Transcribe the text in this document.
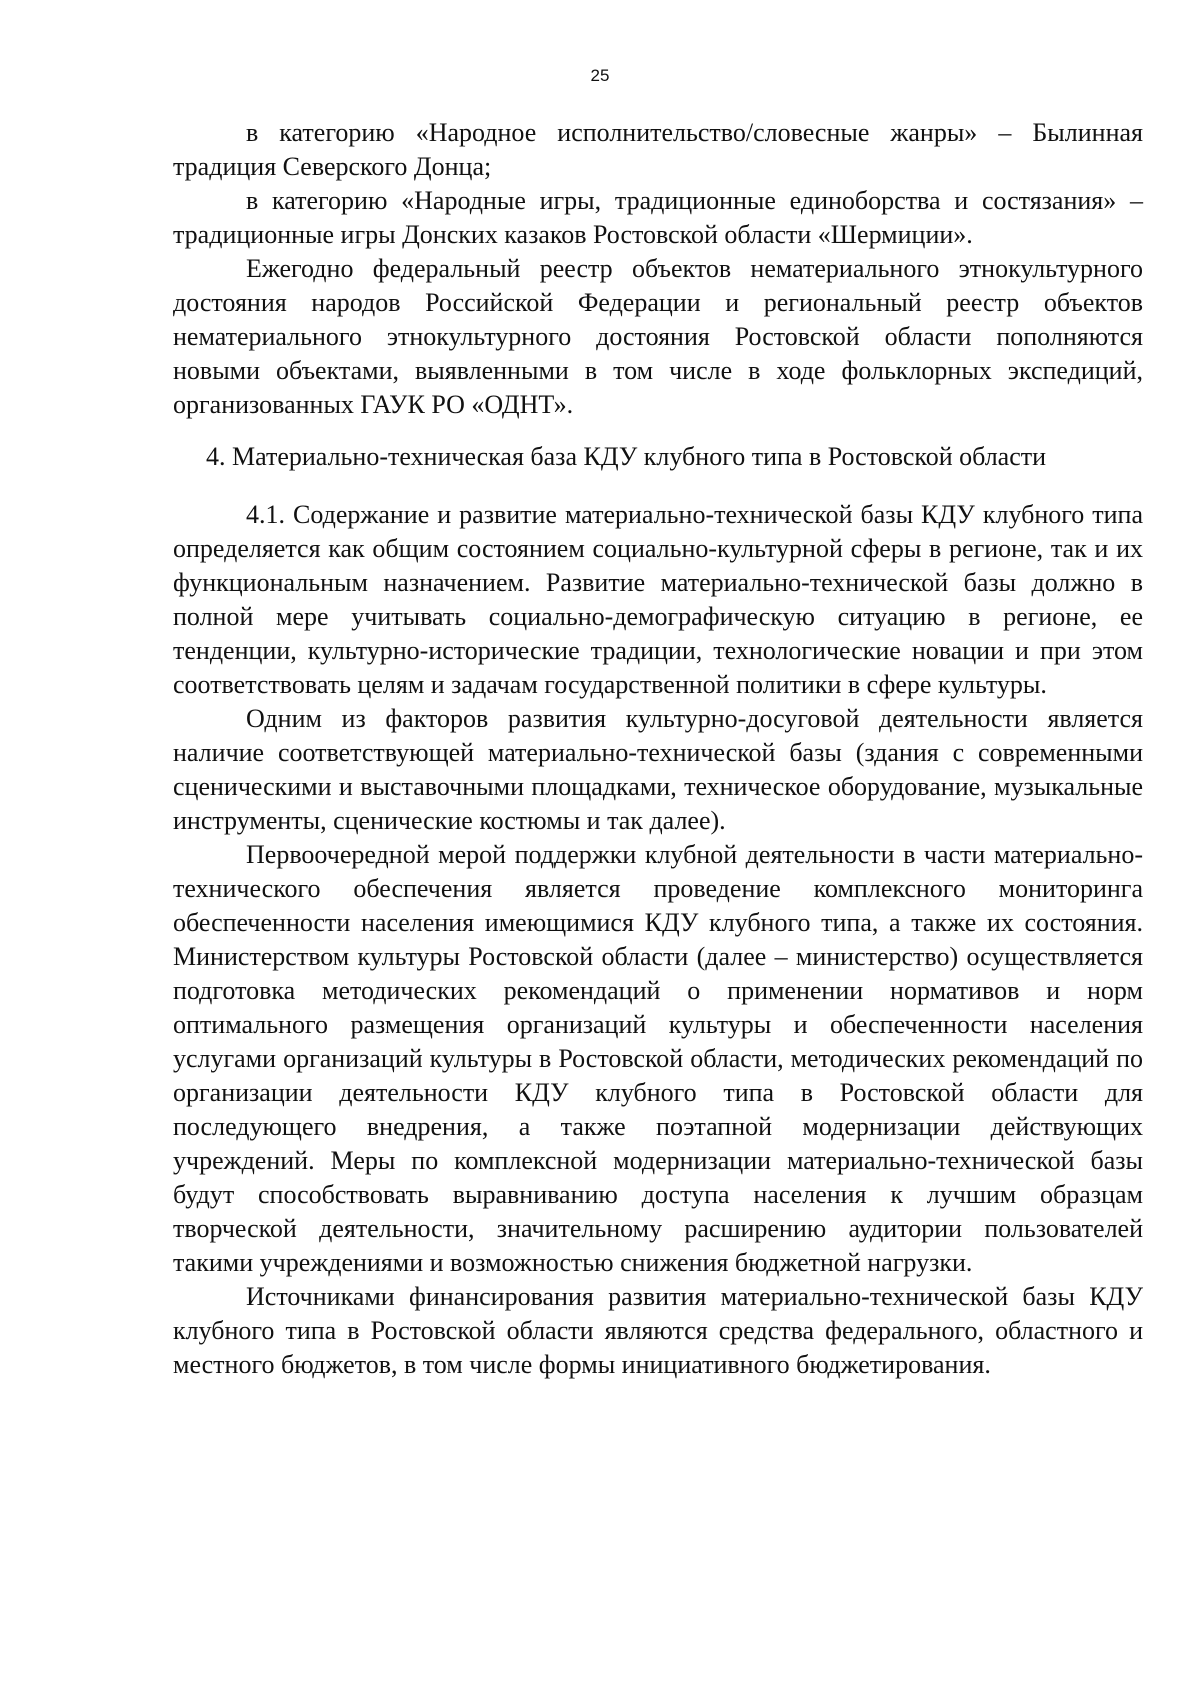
25

в категорию «Народное исполнительство/словесные жанры» – Былинная традиция Северского Донца;

в категорию «Народные игры, традиционные единоборства и состязания» – традиционные игры Донских казаков Ростовской области «Шермиции».

Ежегодно федеральный реестр объектов нематериального этнокультурного достояния народов Российской Федерации и региональный реестр объектов нематериального этнокультурного достояния Ростовской области пополняются новыми объектами, выявленными в том числе в ходе фольклорных экспедиций, организованных ГАУК РО «ОДНТ».

4. Материально-техническая база КДУ клубного типа в Ростовской области

4.1. Содержание и развитие материально-технической базы КДУ клубного типа определяется как общим состоянием социально-культурной сферы в регионе, так и их функциональным назначением. Развитие материально-технической базы должно в полной мере учитывать социально-демографическую ситуацию в регионе, ее тенденции, культурно-исторические традиции, технологические новации и при этом соответствовать целям и задачам государственной политики в сфере культуры.

Одним из факторов развития культурно-досуговой деятельности является наличие соответствующей материально-технической базы (здания с современными сценическими и выставочными площадками, техническое оборудование, музыкальные инструменты, сценические костюмы и так далее).

Первоочередной мерой поддержки клубной деятельности в части материально-технического обеспечения является проведение комплексного мониторинга обеспеченности населения имеющимися КДУ клубного типа, а также их состояния. Министерством культуры Ростовской области (далее – министерство) осуществляется подготовка методических рекомендаций о применении нормативов и норм оптимального размещения организаций культуры и обеспеченности населения услугами организаций культуры в Ростовской области, методических рекомендаций по организации деятельности КДУ клубного типа в Ростовской области для последующего внедрения, а также поэтапной модернизации действующих учреждений. Меры по комплексной модернизации материально-технической базы будут способствовать выравниванию доступа населения к лучшим образцам творческой деятельности, значительному расширению аудитории пользователей такими учреждениями и возможностью снижения бюджетной нагрузки.

Источниками финансирования развития материально-технической базы КДУ клубного типа в Ростовской области являются средства федерального, областного и местного бюджетов, в том числе формы инициативного бюджетирования.
